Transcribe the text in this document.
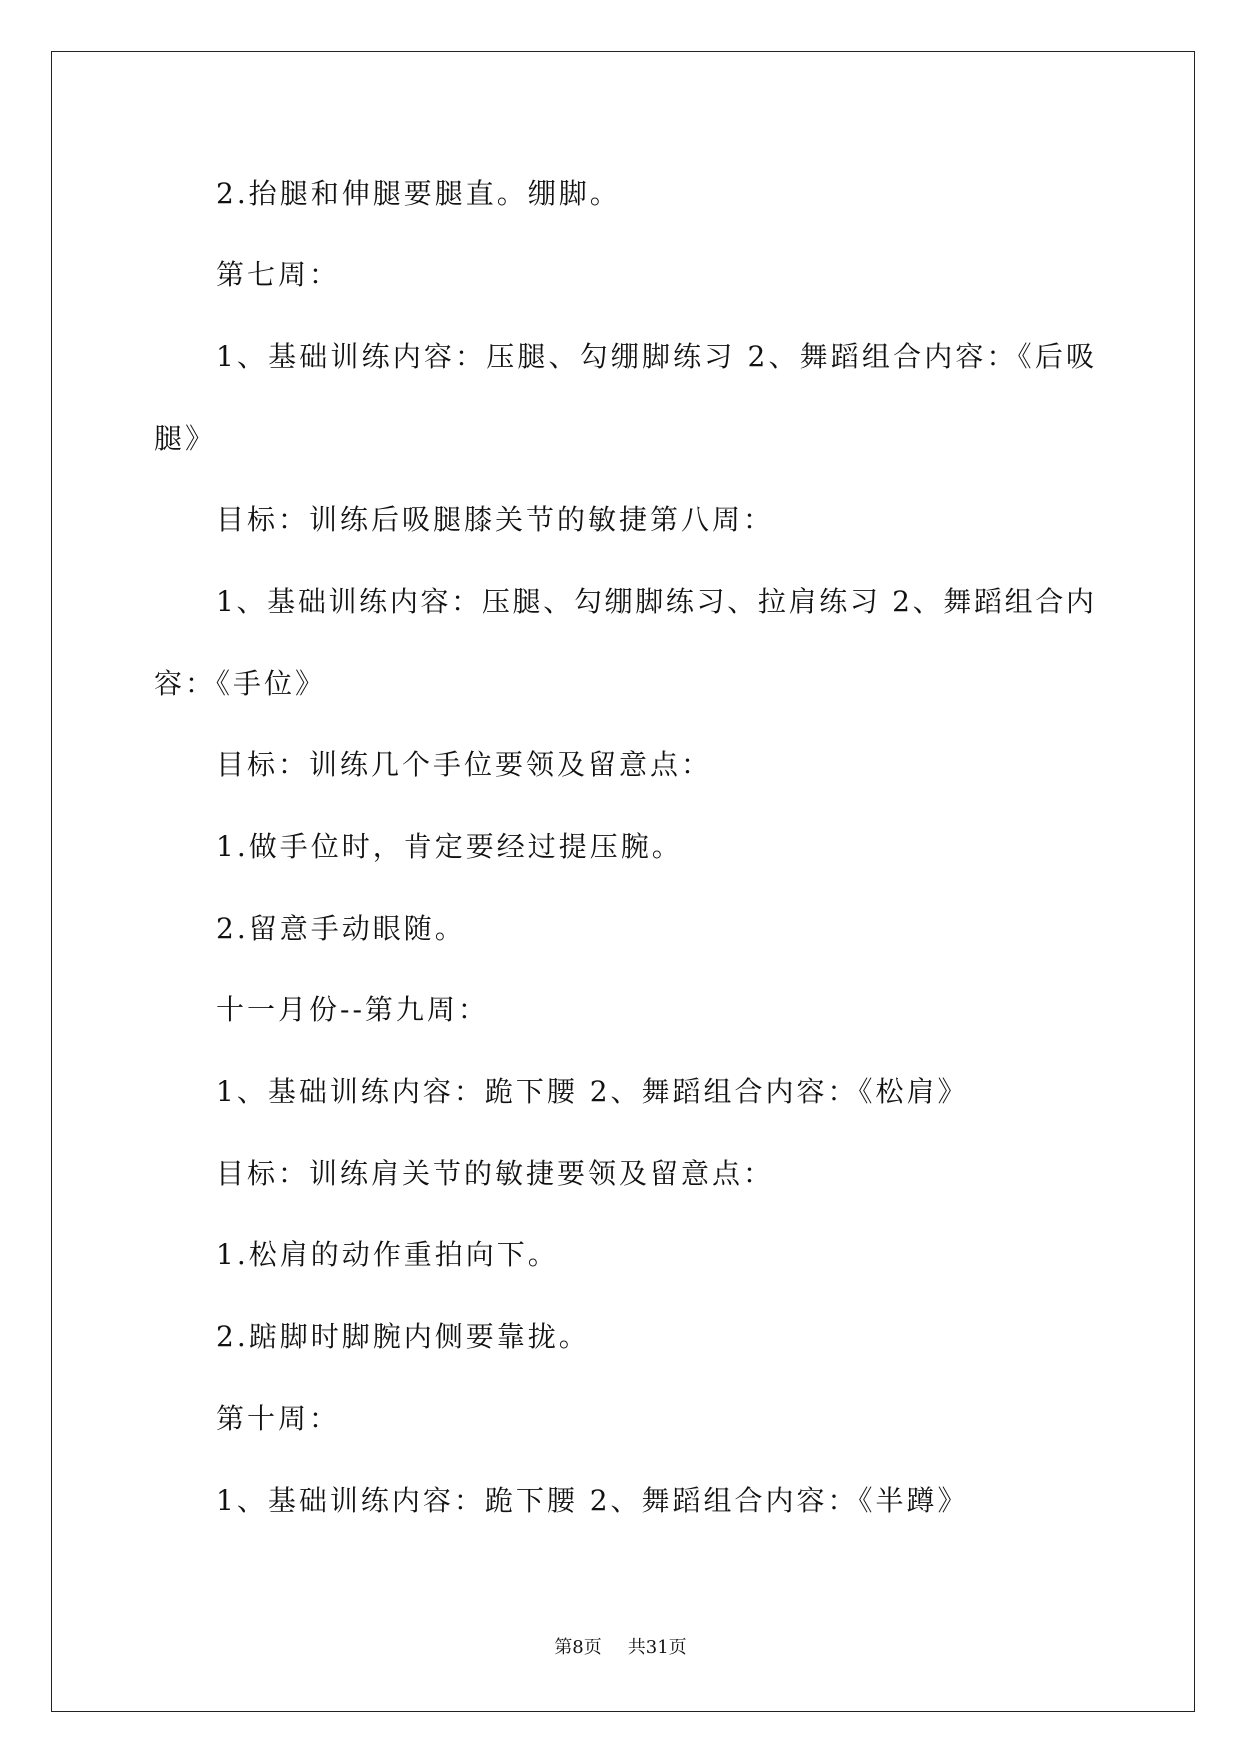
2.抬腿和伸腿要腿直。绷脚。

第七周：

1、基础训练内容：压腿、勾绷脚练习 2、舞蹈组合内容：《后吸
腿》

目标：训练后吸腿膝关节的敏捷第八周：

1、基础训练内容：压腿、勾绷脚练习、拉肩练习 2、舞蹈组合内
容：《手位》

目标：训练几个手位要领及留意点：

1.做手位时，肯定要经过提压腕。

2.留意手动眼随。

十一月份--第九周：

1、基础训练内容：跪下腰 2、舞蹈组合内容：《松肩》

目标：训练肩关节的敏捷要领及留意点：

1.松肩的动作重拍向下。

2.踮脚时脚腕内侧要靠拢。

第十周：

1、基础训练内容：跪下腰 2、舞蹈组合内容：《半蹲》

第8页 共31页
